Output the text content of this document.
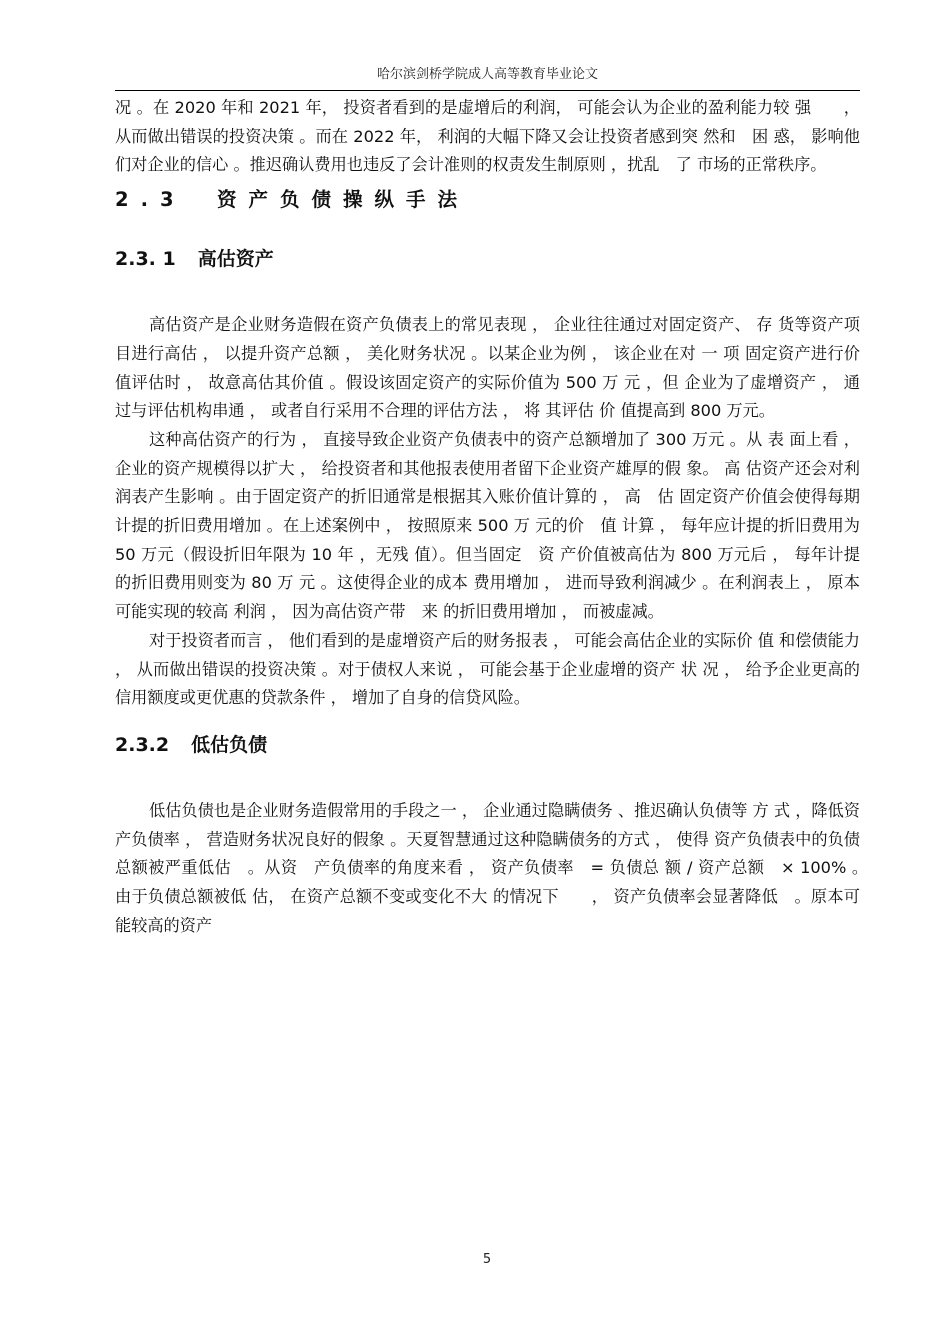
哈尔滨剑桥学院成人高等教育毕业论文

况 。在 2020 年和 2021 年， 投资者看到的是虚增后的利润， 可能会认为企业的盈利能力较 强　　， 从而做出错误的投资决策 。而在 2022 年， 利润的大幅下降又会让投资者感到突 然和　困 惑， 影响他们对企业的信心 。推迟确认费用也违反了会计准则的权责发生制原则 ，扰乱　了 市场的正常秩序。

2.3　资产负债操纵手法
2.3. 1 高估资产

高估资产是企业财务造假在资产负债表上的常见表现 ， 企业往往通过对固定资产、 存 货等资产项目进行高估 ， 以提升资产总额 ， 美化财务状况 。以某企业为例 ， 该企业在对 一 项 固定资产进行价值评估时 ， 故意高估其价值 。假设该固定资产的实际价值为 500 万 元 ，但 企业为了虚增资产 ， 通过与评估机构串通 ， 或者自行采用不合理的评估方法 ， 将 其评估 价 值提高到 800 万元。

这种高估资产的行为 ， 直接导致企业资产负债表中的资产总额增加了 300 万元 。从 表 面上看 ， 企业的资产规模得以扩大 ， 给投资者和其他报表使用者留下企业资产雄厚的假 象。 高 估资产还会对利润表产生影响 。由于固定资产的折旧通常是根据其入账价值计算的 ， 高　估 固定资产价值会使得每期计提的折旧费用增加 。在上述案例中 ， 按照原来 500 万 元的价　值 计算 ， 每年应计提的折旧费用为 50 万元（假设折旧年限为 10 年 ，无残 值）。但当固定　资 产价值被高估为 800 万元后 ， 每年计提的折旧费用则变为 80 万 元 。这使得企业的成本 费用增加 ， 进而导致利润减少 。在利润表上 ， 原本可能实现的较高 利润 ， 因为高估资产带　来 的折旧费用增加 ， 而被虚减。

对于投资者而言 ， 他们看到的是虚增资产后的财务报表 ， 可能会高估企业的实际价 值 和偿债能力 ， 从而做出错误的投资决策 。对于债权人来说 ， 可能会基于企业虚增的资产 状 况 ， 给予企业更高的信用额度或更优惠的贷款条件 ， 增加了自身的信贷风险。

2.3.2 低估负债

低估负债也是企业财务造假常用的手段之一 ， 企业通过隐瞒债务 、推迟确认负债等 方 式 ，降低资产负债率 ， 营造财务状况良好的假象 。天夏智慧通过这种隐瞒债务的方式 ， 使得 资产负债表中的负债总额被严重低估　。从资　产负债率的角度来看 ， 资产负债率　= 负债总 额 / 资产总额　× 100% 。　由于负债总额被低 估， 在资产总额不变或变化不大 的情况下　　， 资产负债率会显著降低　。原本可能较高的资产

5
